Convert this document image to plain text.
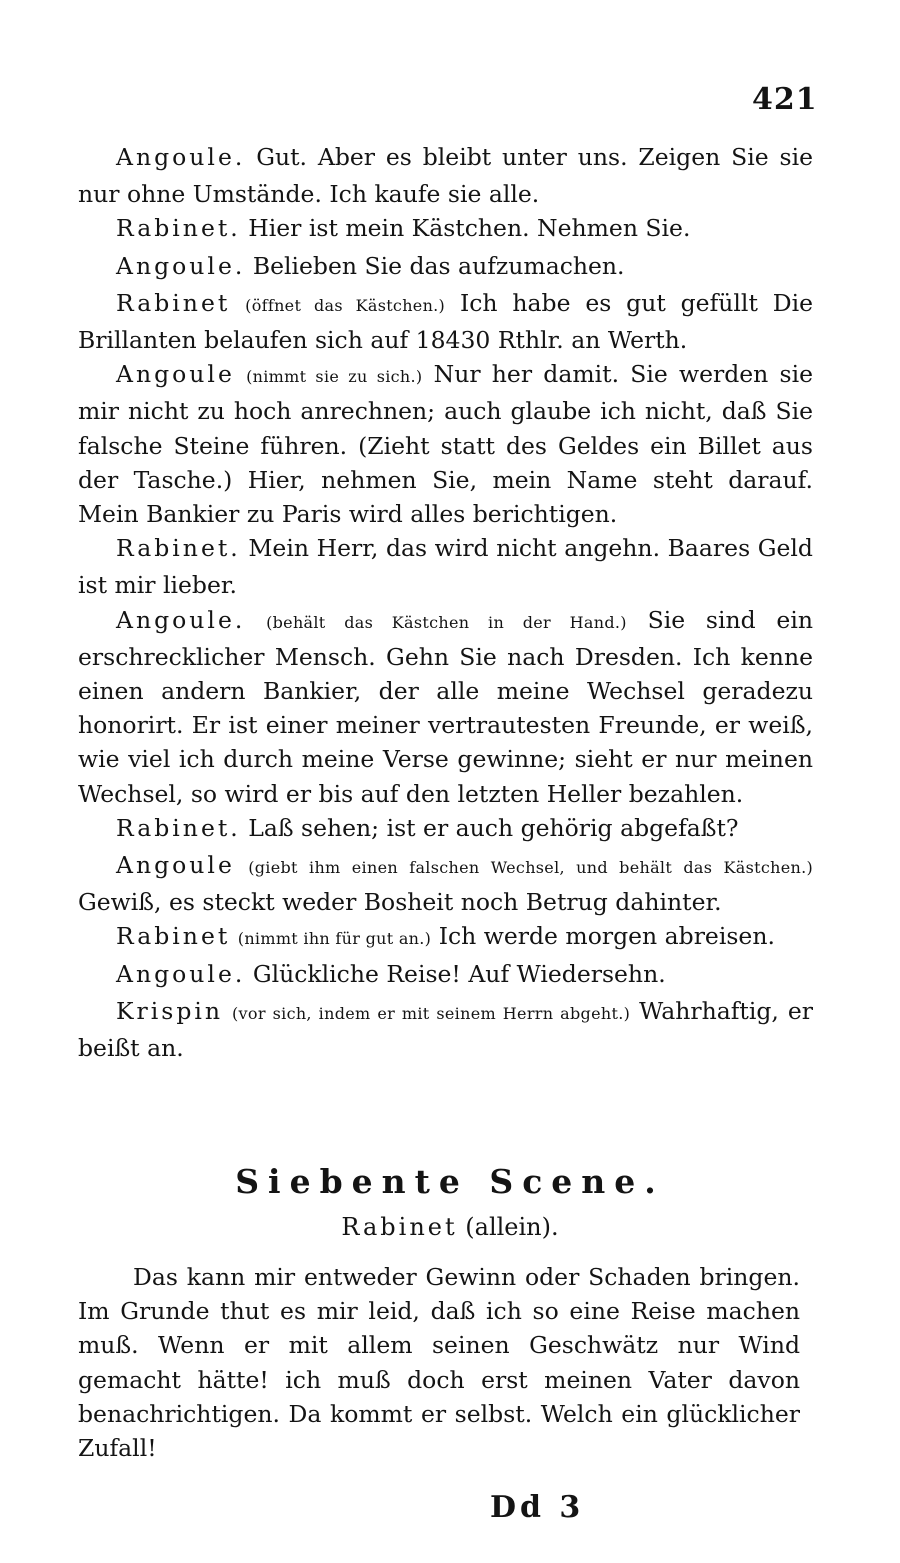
421

Angoule. Gut. Aber es bleibt unter uns. Zeigen Sie sie nur ohne Umstände. Ich kaufe sie alle.

Rabinet. Hier ist mein Kästchen. Nehmen Sie.

Angoule. Belieben Sie das aufzumachen.

Rabinet (öffnet das Kästchen.) Ich habe es gut gefüllt Die Brillanten belaufen sich auf 18430 Rthlr. an Werth.

Angoule (nimmt sie zu sich.) Nur her damit. Sie werden sie mir nicht zu hoch anrechnen; auch glaube ich nicht, daß Sie falsche Steine führen. (Zieht statt des Geldes ein Billet aus der Tasche.) Hier, nehmen Sie, mein Name steht darauf. Mein Bankier zu Paris wird alles berichtigen.

Rabinet. Mein Herr, das wird nicht angehn. Baares Geld ist mir lieber.

Angoule. (behält das Kästchen in der Hand.) Sie sind ein erschrecklicher Mensch. Gehn Sie nach Dresden. Ich kenne einen andern Bankier, der alle meine Wechsel geradezu honorirt. Er ist einer meiner vertrautesten Freunde, er weiß, wie viel ich durch meine Verse gewinne; sieht er nur meinen Wechsel, so wird er bis auf den letzten Heller bezahlen.

Rabinet. Laß sehen; ist er auch gehörig abgefaßt?

Angoule (giebt ihm einen falschen Wechsel, und behält das Kästchen.) Gewiß, es steckt weder Bosheit noch Betrug dahinter.

Rabinet (nimmt ihn für gut an.) Ich werde morgen abreisen.

Angoule. Glückliche Reise! Auf Wiedersehn.

Krispin (vor sich, indem er mit seinem Herrn abgeht.) Wahrhaftig, er beißt an.

Siebente Scene.

Rabinet (allein).

Das kann mir entweder Gewinn oder Schaden bringen. Im Grunde thut es mir leid, daß ich so eine Reise machen muß. Wenn er mit allem seinen Geschwätz nur Wind gemacht hätte! ich muß doch erst meinen Vater davon benachrichtigen. Da kommt er selbst. Welch ein glücklicher Zufall!

Dd 3
